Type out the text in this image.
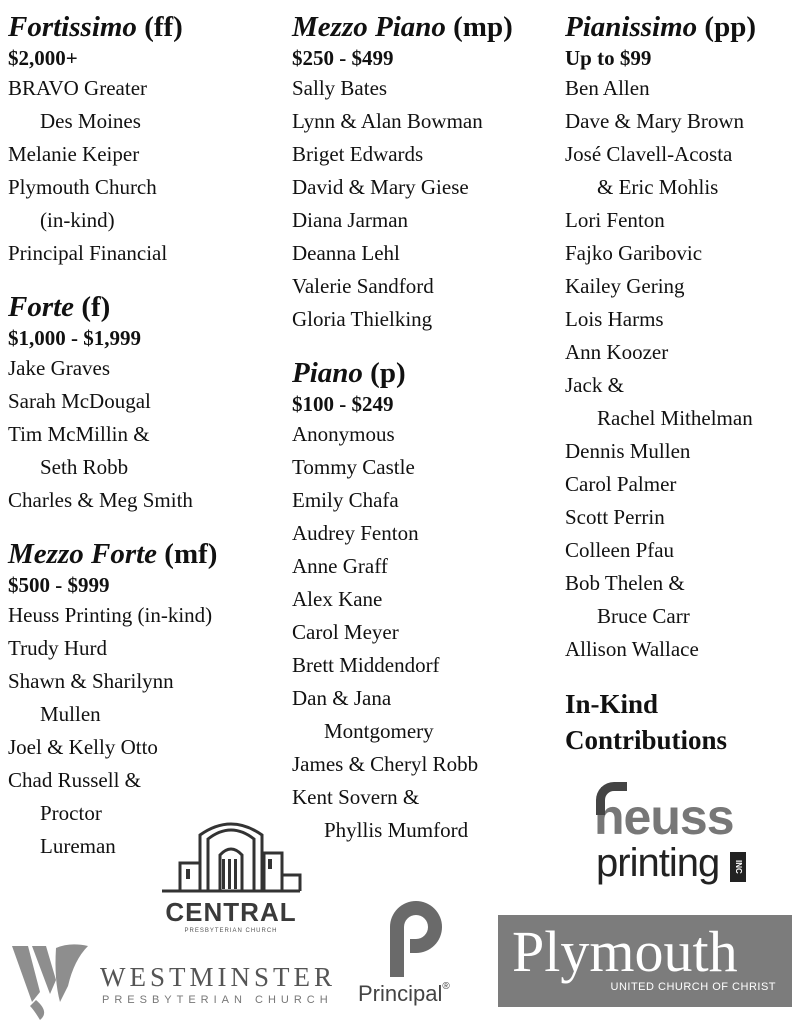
Fortissimo (ff)
$2,000+
BRAVO Greater
Des Moines
Melanie Keiper
Plymouth Church
(in-kind)
Principal Financial
Forte (f)
$1,000 - $1,999
Jake Graves
Sarah McDougal
Tim McMillin &
Seth Robb
Charles & Meg Smith
Mezzo Forte (mf)
$500 - $999
Heuss Printing (in-kind)
Trudy Hurd
Shawn & Sharilynn
Mullen
Joel & Kelly Otto
Chad Russell &
Proctor
Lureman
Mezzo Piano (mp)
$250 - $499
Sally Bates
Lynn & Alan Bowman
Briget Edwards
David & Mary Giese
Diana Jarman
Deanna Lehl
Valerie Sandford
Gloria Thielking
Piano (p)
$100 - $249
Anonymous
Tommy Castle
Emily Chafa
Audrey Fenton
Anne Graff
Alex Kane
Carol Meyer
Brett Middendorf
Dan & Jana
Montgomery
James & Cheryl Robb
Kent Sovern &
Phyllis Mumford
Pianissimo (pp)
Up to $99
Ben Allen
Dave & Mary Brown
José Clavell-Acosta
& Eric Mohlis
Lori Fenton
Fajko Garibovic
Kailey Gering
Lois Harms
Ann Koozer
Jack &
Rachel Mithelman
Dennis Mullen
Carol Palmer
Scott Perrin
Colleen Pfau
Bob Thelen &
Bruce Carr
Allison Wallace
In-Kind
Contributions
heuss
printing	INC
CENTRAL
PRESBYTERIAN CHURCH
WESTMINSTER
PRESBYTERIAN CHURCH Principal®
Plymouth
UNITED CHURCH OF CHRIST
